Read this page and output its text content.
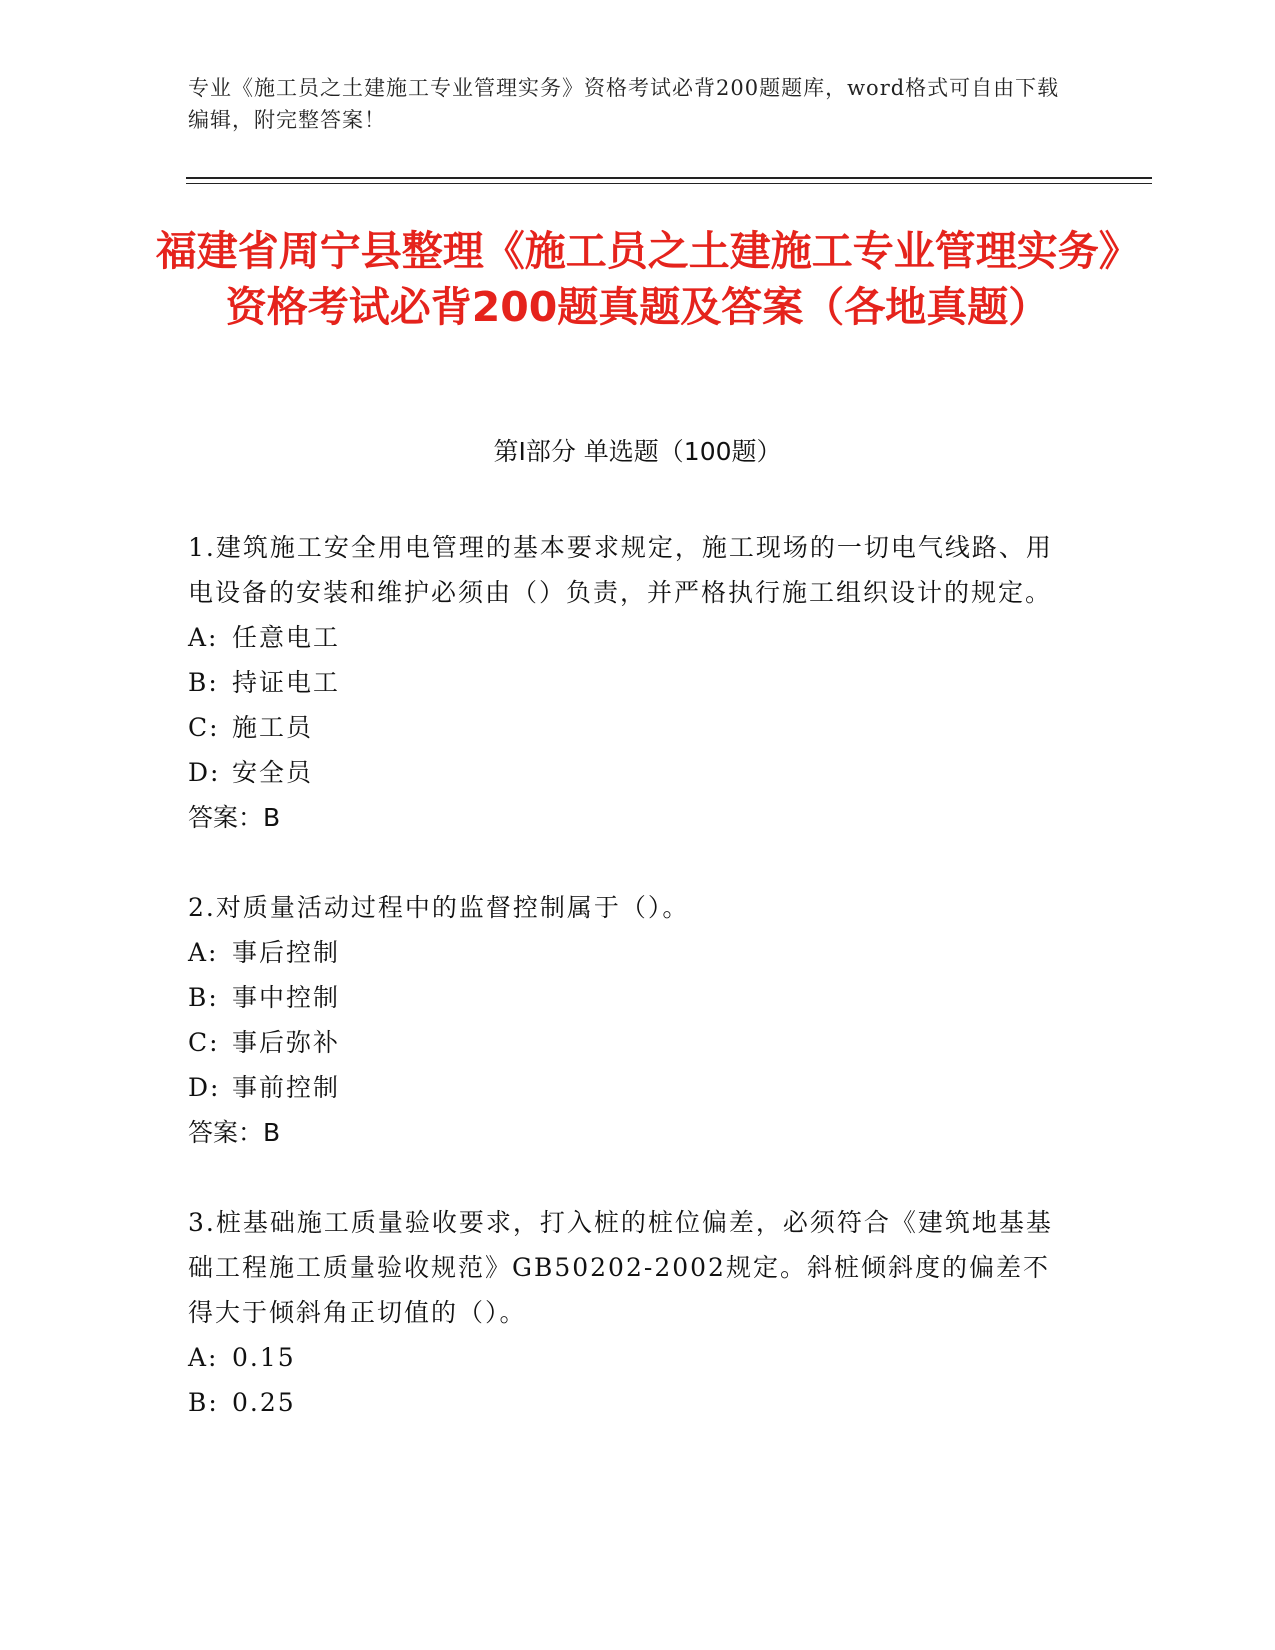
专业《施工员之土建施工专业管理实务》资格考试必背200题题库，word格式可自由下载编辑，附完整答案！
福建省周宁县整理《施工员之土建施工专业管理实务》资格考试必背200题真题及答案（各地真题）
第I部分 单选题（100题）
1.建筑施工安全用电管理的基本要求规定，施工现场的一切电气线路、用电设备的安装和维护必须由（）负责，并严格执行施工组织设计的规定。
A: 任意电工
B: 持证电工
C: 施工员
D: 安全员
答案：B
2.对质量活动过程中的监督控制属于（）。
A: 事后控制
B: 事中控制
C: 事后弥补
D: 事前控制
答案：B
3.桩基础施工质量验收要求，打入桩的桩位偏差，必须符合《建筑地基基础工程施工质量验收规范》GB50202-2002规定。斜桩倾斜度的偏差不得大于倾斜角正切值的（）。
A: 0.15
B: 0.25
